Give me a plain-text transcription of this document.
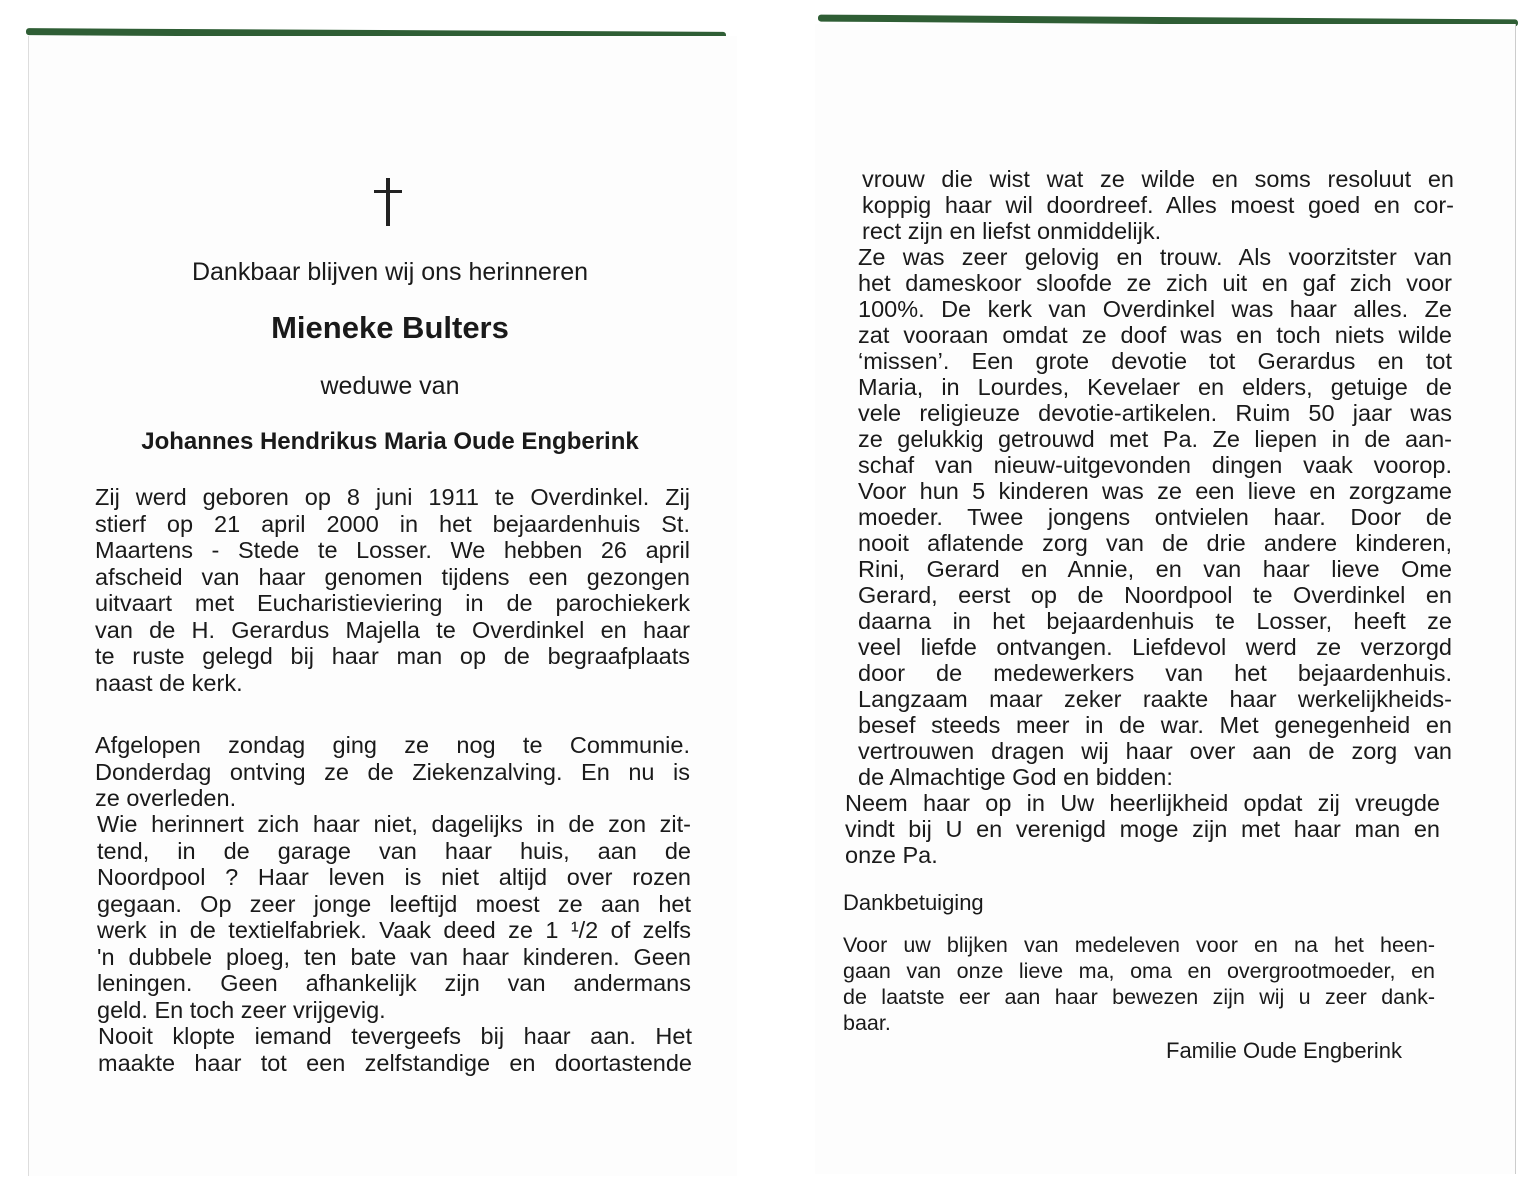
Dankbaar blijven wij ons herinneren
Mieneke Bulters
weduwe van
Johannes Hendrikus Maria Oude Engberink
Zij werd geboren op 8 juni 1911 te Overdinkel. Zij
stierf op 21 april 2000 in het bejaardenhuis St.
Maartens - Stede te Losser. We hebben 26 april
afscheid van haar genomen tijdens een gezongen
uitvaart met Eucharistieviering in de parochiekerk
van de H. Gerardus Majella te Overdinkel en haar
te ruste gelegd bij haar man op de begraafplaats
naast de kerk.
Afgelopen zondag ging ze nog te Communie.
Donderdag ontving ze de Ziekenzalving. En nu is
ze overleden.
Wie herinnert zich haar niet, dagelijks in de zon zit-
tend, in de garage van haar huis, aan de
Noordpool ? Haar leven is niet altijd over rozen
gegaan. Op zeer jonge leeftijd moest ze aan het
werk in de textielfabriek. Vaak deed ze 1 ¹/2 of zelfs
'n dubbele ploeg, ten bate van haar kinderen. Geen
leningen. Geen afhankelijk zijn van andermans
geld. En toch zeer vrijgevig.
Nooit klopte iemand tevergeefs bij haar aan. Het
maakte haar tot een zelfstandige en doortastende
vrouw die wist wat ze wilde en soms resoluut en
koppig haar wil doordreef. Alles moest goed en cor-
rect zijn en liefst onmiddelijk.
Ze was zeer gelovig en trouw. Als voorzitster van
het dameskoor sloofde ze zich uit en gaf zich voor
100%. De kerk van Overdinkel was haar alles. Ze
zat vooraan omdat ze doof was en toch niets wilde
‘missen’. Een grote devotie tot Gerardus en tot
Maria, in Lourdes, Kevelaer en elders, getuige de
vele religieuze devotie-artikelen. Ruim 50 jaar was
ze gelukkig getrouwd met Pa. Ze liepen in de aan-
schaf van nieuw-uitgevonden dingen vaak voorop.
Voor hun 5 kinderen was ze een lieve en zorgzame
moeder. Twee jongens ontvielen haar. Door de
nooit aflatende zorg van de drie andere kinderen,
Rini, Gerard en Annie, en van haar lieve Ome
Gerard, eerst op de Noordpool te Overdinkel en
daarna in het bejaardenhuis te Losser, heeft ze
veel liefde ontvangen. Liefdevol werd ze verzorgd
door de medewerkers van het bejaardenhuis.
Langzaam maar zeker raakte haar werkelijkheids-
besef steeds meer in de war. Met genegenheid en
vertrouwen dragen wij haar over aan de zorg van
de Almachtige God en bidden:
Neem haar op in Uw heerlijkheid opdat zij vreugde
vindt bij U en verenigd moge zijn met haar man en
onze Pa.
Dankbetuiging
Voor uw blijken van medeleven voor en na het heen-
gaan van onze lieve ma, oma en overgrootmoeder, en
de laatste eer aan haar bewezen zijn wij u zeer dank-
baar.
Familie Oude Engberink
